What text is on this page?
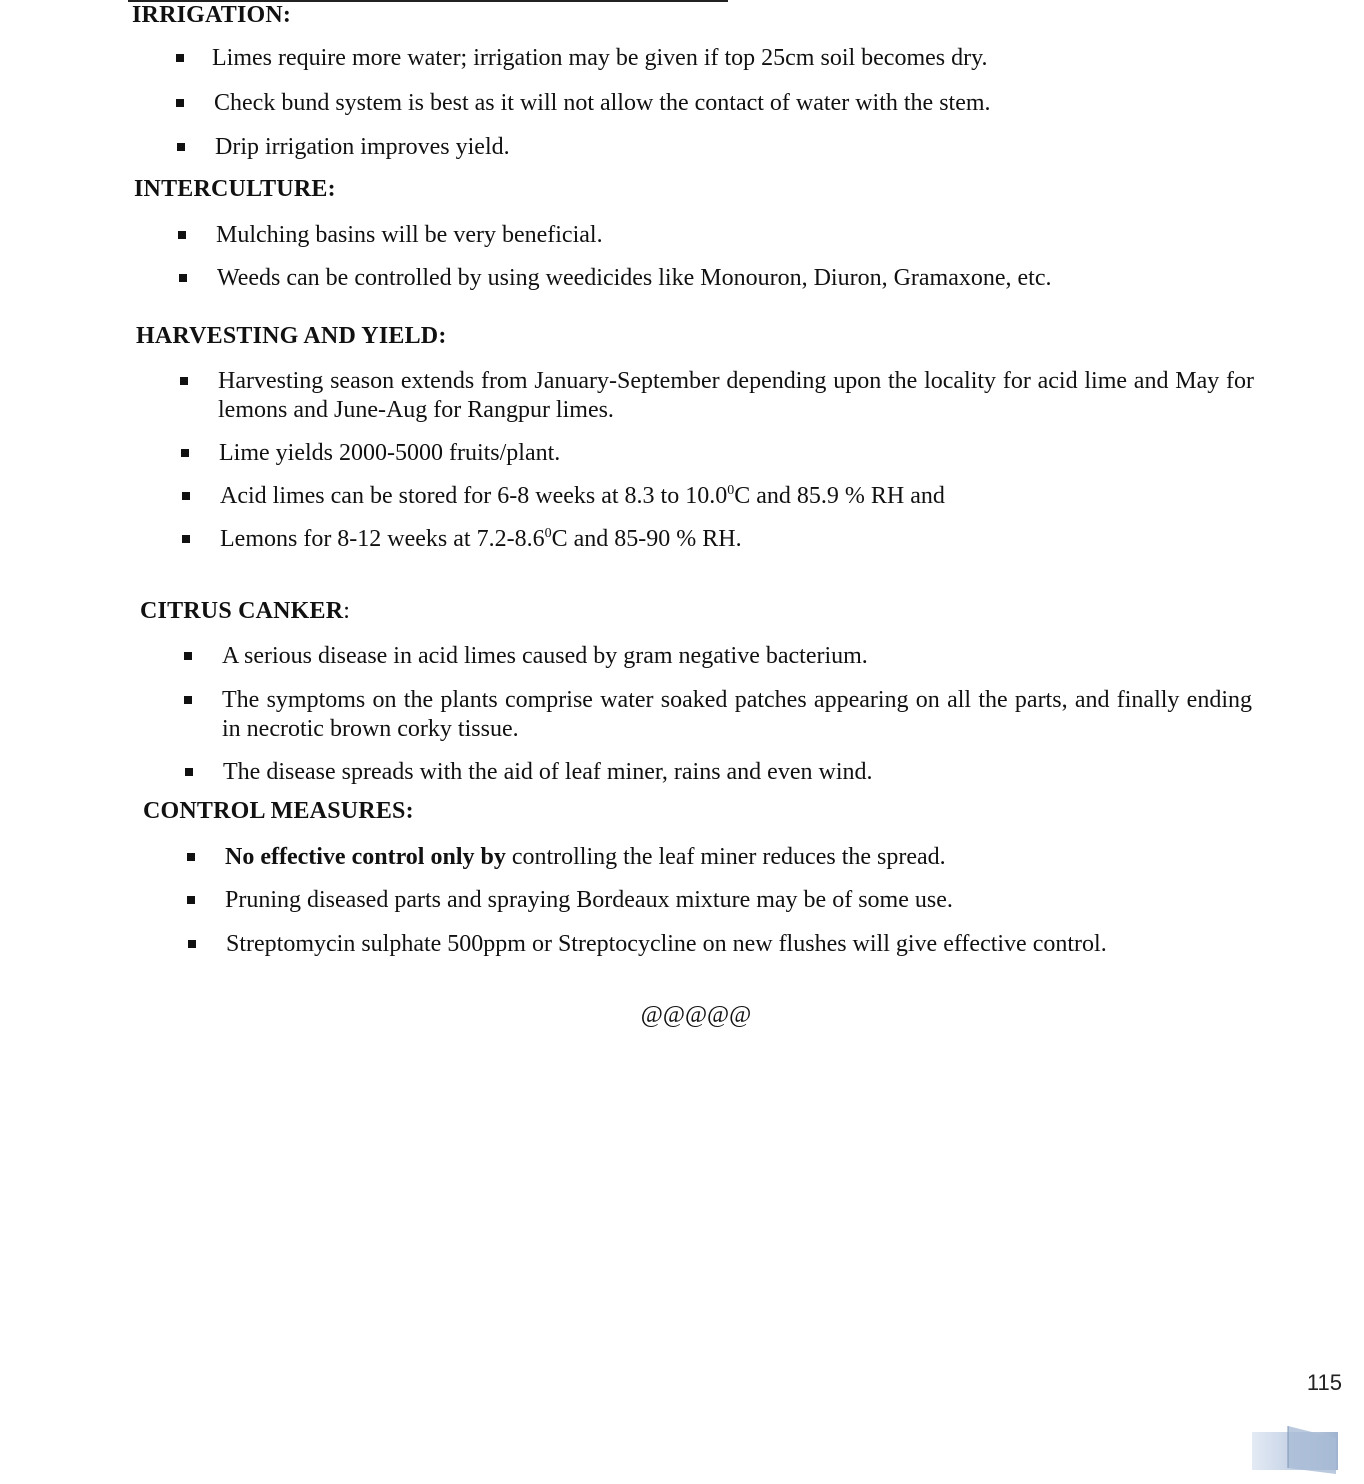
IRRIGATION:

Limes require more water; irrigation may be given if top 25cm soil becomes dry.

Check bund system is best as it will not allow the contact of water with the stem.

Drip irrigation improves yield.

INTERCULTURE:

Mulching basins will be very beneficial.

Weeds can be controlled by using weedicides like Monouron, Diuron, Gramaxone, etc.

HARVESTING AND YIELD:

Harvesting season extends from January-September depending upon the locality for acid lime and May for lemons and June-Aug for Rangpur limes.

Lime yields 2000-5000 fruits/plant.

Acid limes can be stored for 6-8 weeks at 8.3 to 10.0$^0$C and 85.9 % RH and

Lemons for 8-12 weeks at $7.2-8.6^0C$ and 85-90 % RH.

CITRUS CANKER:

A serious disease in acid limes caused by gram negative bacterium.

The symptoms on the plants comprise water soaked patches appearing on all the parts, and finally ending in necrotic brown corky tissue.

The disease spreads with the aid of leaf miner, rains and even wind.

CONTROL MEASURES:

No effective control only by controlling the leaf miner reduces the spread.

Pruning diseased parts and spraying Bordeaux mixture may be of some use.

Streptomycin sulphate 500ppm or Streptocycline on new flushes will give effective control.

@@@@@
115
